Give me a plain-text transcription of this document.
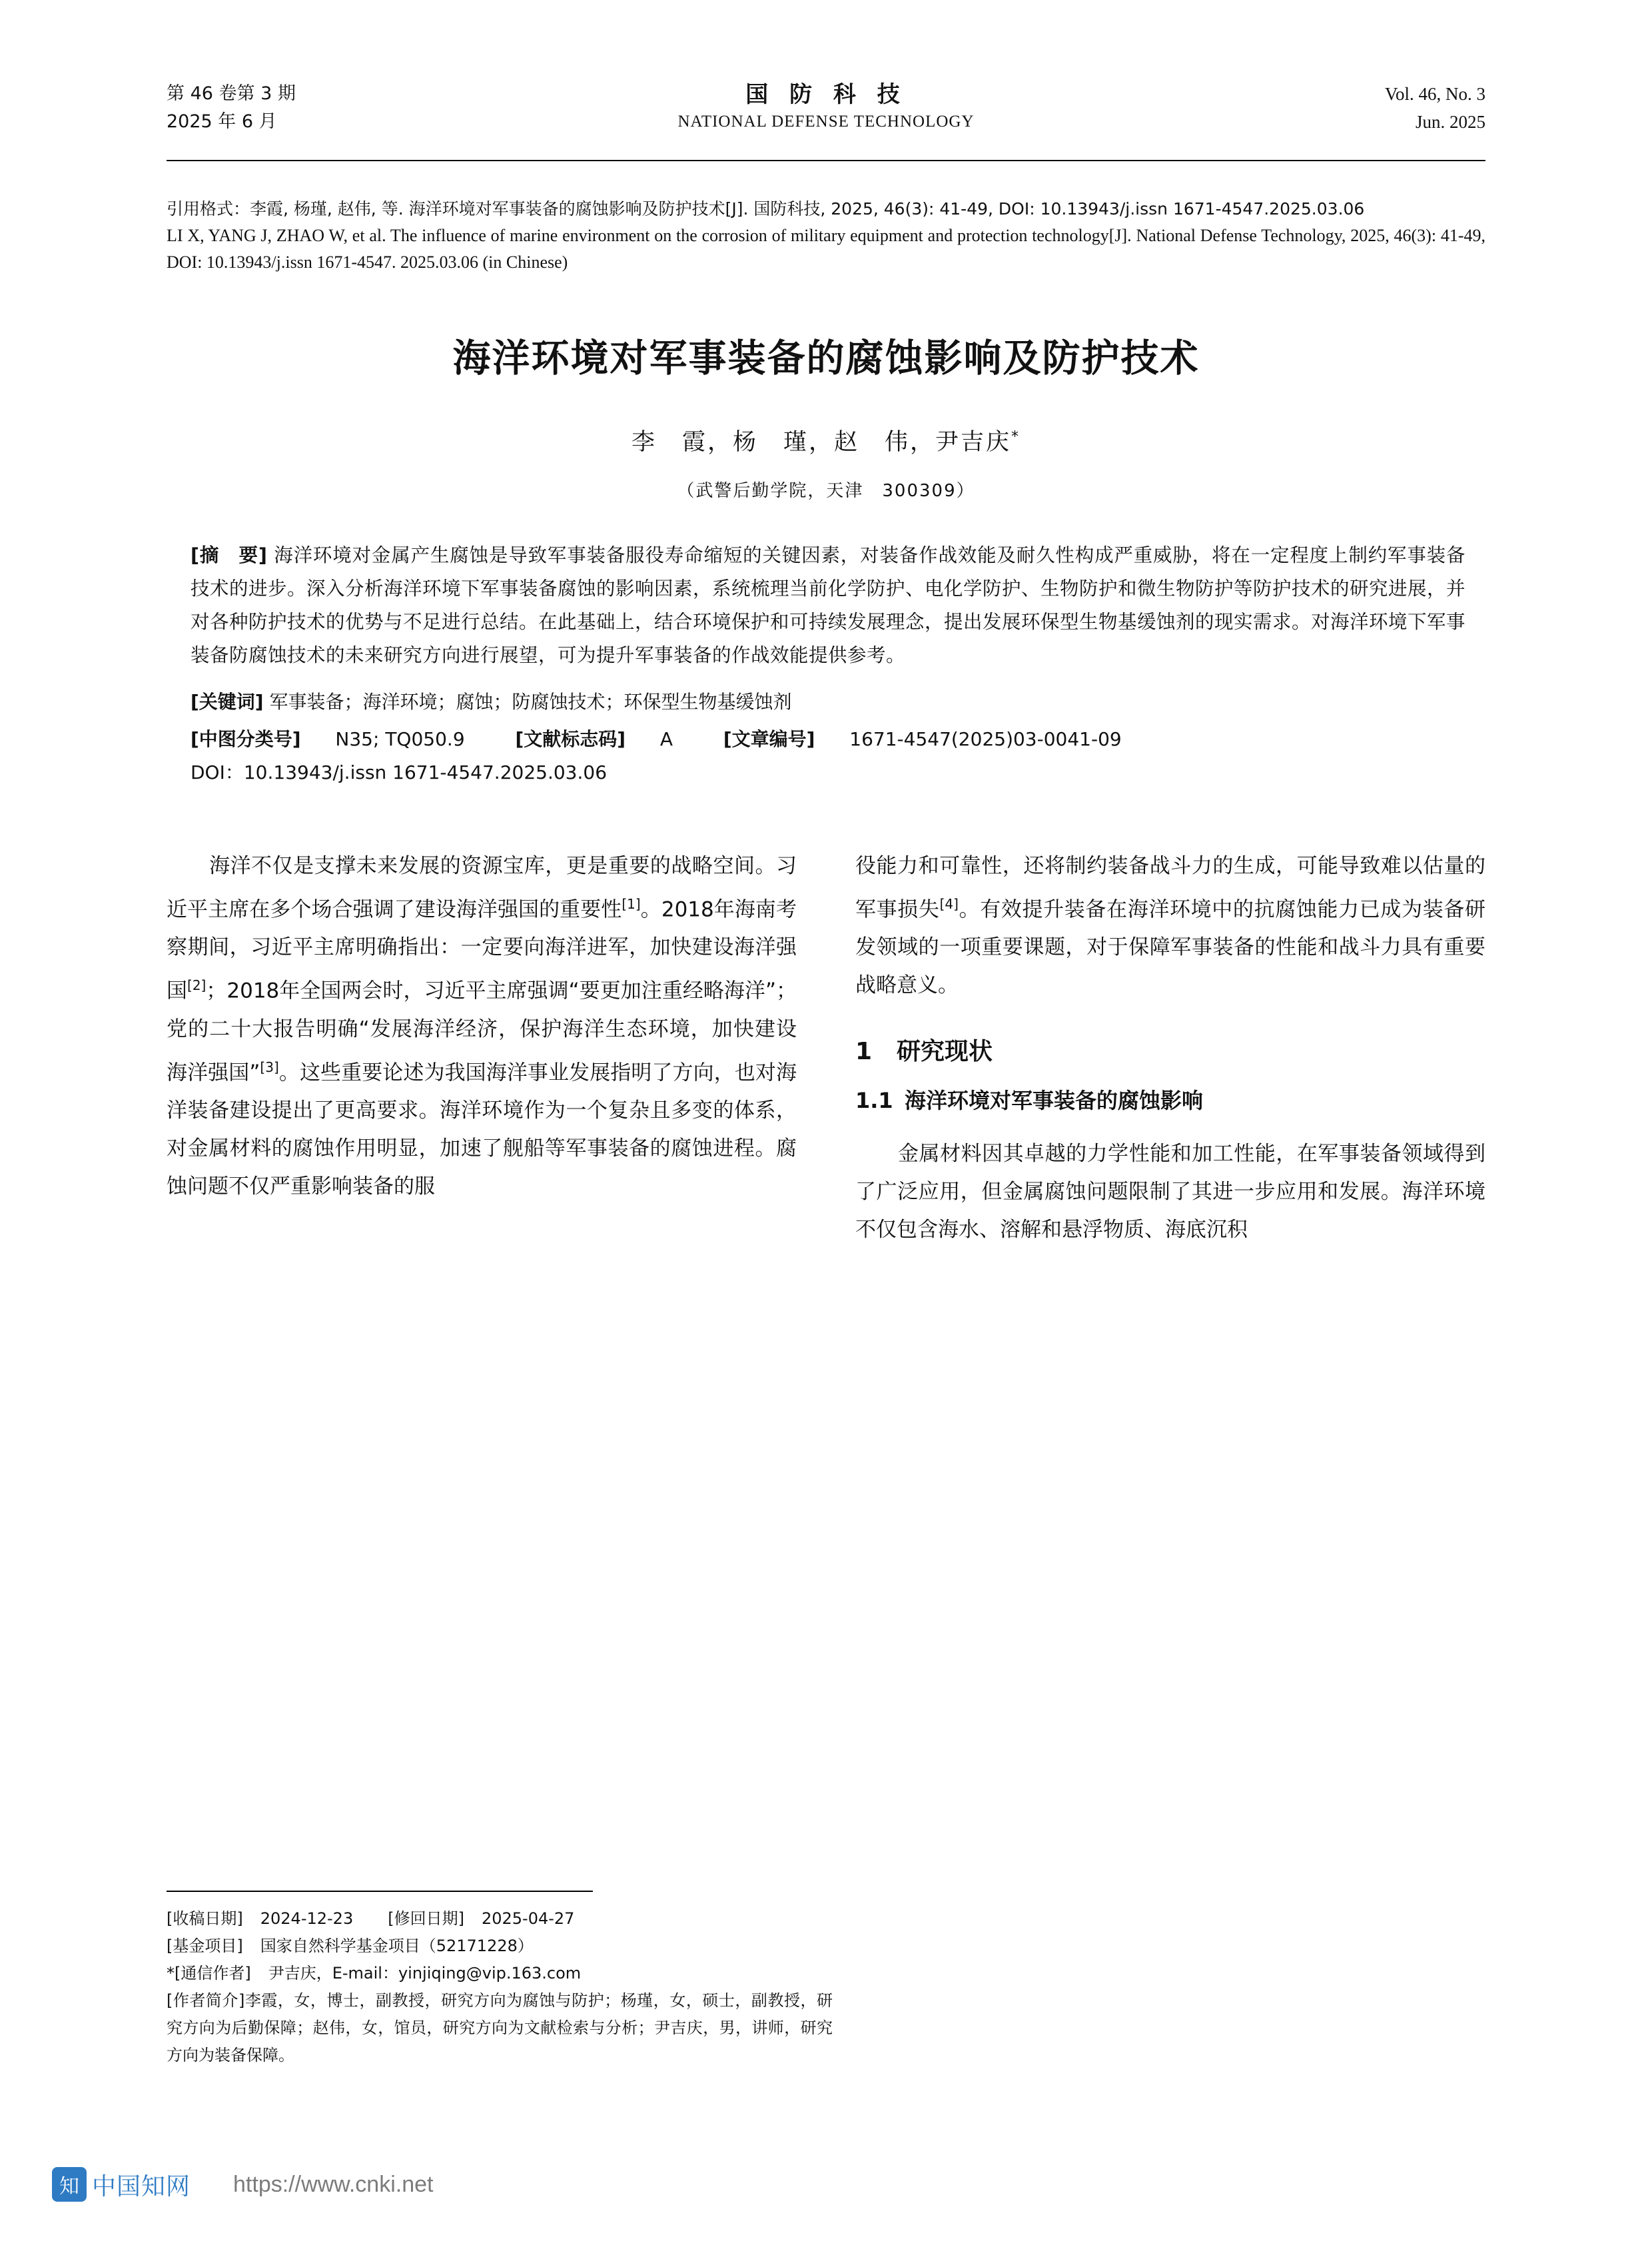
第 46 卷第 3 期
2025 年 6 月
国 防 科 技
NATIONAL DEFENSE TECHNOLOGY
Vol. 46, No. 3
Jun. 2025
引用格式：李霞, 杨瑾, 赵伟, 等. 海洋环境对军事装备的腐蚀影响及防护技术[J]. 国防科技, 2025, 46(3): 41-49, DOI: 10.13943/j.issn 1671-4547.2025.03.06
LI X, YANG J, ZHAO W, et al. The influence of marine environment on the corrosion of military equipment and protection technology[J]. National Defense Technology, 2025, 46(3): 41-49, DOI: 10.13943/j.issn 1671-4547. 2025.03.06 (in Chinese)
海洋环境对军事装备的腐蚀影响及防护技术
李　霞，杨　瑾，赵　伟，尹吉庆*
（武警后勤学院，天津　300309）
[摘　要] 海洋环境对金属产生腐蚀是导致军事装备服役寿命缩短的关键因素，对装备作战效能及耐久性构成严重威胁，将在一定程度上制约军事装备技术的进步。深入分析海洋环境下军事装备腐蚀的影响因素，系统梳理当前化学防护、电化学防护、生物防护和微生物防护等防护技术的研究进展，并对各种防护技术的优势与不足进行总结。在此基础上，结合环境保护和可持续发展理念，提出发展环保型生物基缓蚀剂的现实需求。对海洋环境下军事装备防腐蚀技术的未来研究方向进行展望，可为提升军事装备的作战效能提供参考。
[关键词] 军事装备；海洋环境；腐蚀；防腐蚀技术；环保型生物基缓蚀剂
[中图分类号] N35; TQ050.9	[文献标志码] A	[文章编号] 1671-4547(2025)03-0041-09
DOI：10.13943/j.issn 1671-4547.2025.03.06

海洋不仅是支撑未来发展的资源宝库，更是重要的战略空间。习近平主席在多个场合强调了建设海洋强国的重要性[1]。2018年海南考察期间，习近平主席明确指出：一定要向海洋进军，加快建设海洋强国[2]；2018年全国两会时，习近平主席强调“要更加注重经略海洋”；党的二十大报告明确“发展海洋经济，保护海洋生态环境，加快建设海洋强国”[3]。这些重要论述为我国海洋事业发展指明了方向，也对海洋装备建设提出了更高要求。海洋环境作为一个复杂且多变的体系，对金属材料的腐蚀作用明显，加速了舰船等军事装备的腐蚀进程。腐蚀问题不仅严重影响装备的服

役能力和可靠性，还将制约装备战斗力的生成，可能导致难以估量的军事损失[4]。有效提升装备在海洋环境中的抗腐蚀能力已成为装备研发领域的一项重要课题，对于保障军事装备的性能和战斗力具有重要战略意义。

1 研究现状
1.1 海洋环境对军事装备的腐蚀影响

金属材料因其卓越的力学性能和加工性能，在军事装备领域得到了广泛应用，但金属腐蚀问题限制了其进一步应用和发展。海洋环境不仅包含海水、溶解和悬浮物质、海底沉积

[收稿日期] 2024-12-23 [修回日期] 2025-04-27
[基金项目] 国家自然科学基金项目（52171228）
*[通信作者] 尹吉庆，E-mail：yinjiqing@vip.163.com
[作者简介]李霞，女，博士，副教授，研究方向为腐蚀与防护；杨瑾，女，硕士，副教授，研究方向为后勤保障；赵伟，女，馆员，研究方向为文献检索与分析；尹吉庆，男，讲师，研究方向为装备保障。
知 中国知网 https://www.cnki.net
